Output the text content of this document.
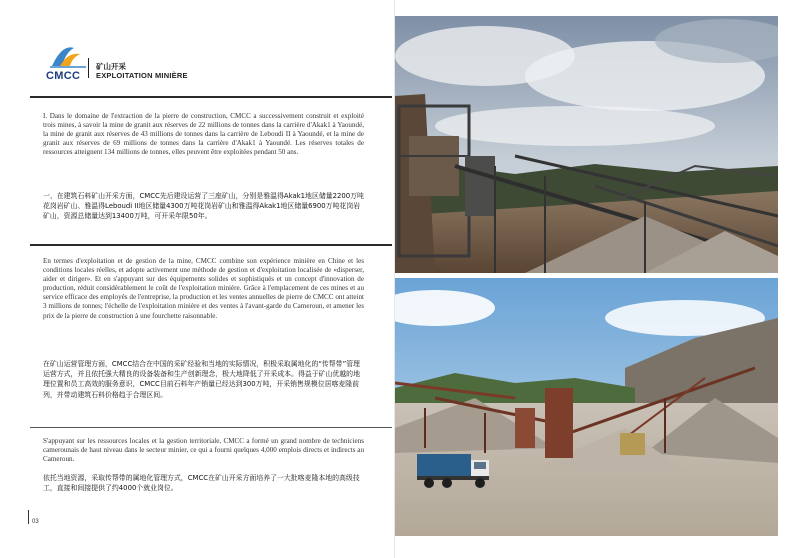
CMCC
矿山开采
EXPLOITATION MINIÈRE

I. Dans le domaine de l'extraction de la pierre de construction, CMCC a successivement construit et exploité trois mines, à savoir la mine de granit aux réserves de 22 millions de tonnes dans la carrière d'Akak1 à Yaoundé, la mine de granit aux réserves de 43 millions de tonnes dans la carrière de Leboudi II à Yaoundé, et la mine de granit aux réserves de 69 millions de tonnes dans la carrière d'Akak1 à Yaoundé. Les réserves totales de ressources atteignent 134 millions de tonnes, elles peuvent être exploitées pendant 50 ans.

一、在建筑石料矿山开采方面，CMCC先后建设运营了三座矿山，分别是雅温得Akak1地区储量2200万吨花岗岩矿山、雅温得Leboudi II地区储量4300万吨花岗岩矿山和雅温得Akak1地区储量6900万吨花岗岩矿山，资源总储量达到13400万吨，可开采年限50年。

En termes d'exploitation et de gestion de la mine, CMCC combine son expérience minière en Chine et les conditions locales réelles, et adopte activement une méthode de gestion et d'exploitation localisée de «disperser, aider et diriger». Et en s'appuyant sur des équipements solides et sophistiqués et un concept d'innovation de production, réduit considérablement le coût de l'exploitation minière. Grâce à l'emplacement de ces mines et au service efficace des employés de l'entreprise, la production et les ventes annuelles de pierre de CMCC ont atteint 3 millions de tonnes; l'échelle de l'exploitation minière et des ventes à l'avant-garde du Cameroun, et amener les prix de la pierre de construction à une fourchette raisonnable.

在矿山运营管理方面，CMCC结合在中国的采矿经验和当地的实际情况，积极采取属地化的“传帮带”管理运营方式，并且依托强大精良的设备装备和生产创新理念，极大地降低了开采成本。得益于矿山优越的地理位置和员工高效的服务意识，CMCC目前石料年产销量已经达到300万吨，开采销售规模位居喀麦隆前列，并带动建筑石料价格趋于合理区间。

S'appuyant sur les ressources locales et la gestion territoriale, CMCC a formé un grand nombre de techniciens camerounais de haut niveau dans le secteur minier, ce qui a fourni quelques 4,000 emplois directs et indirects au Cameroun.

依托当地资源，采取传帮带的属地化管理方式，CMCC在矿山开采方面培养了一大批喀麦隆本地的高级技工，直接和间接提供了约4000个就业岗位。

03
